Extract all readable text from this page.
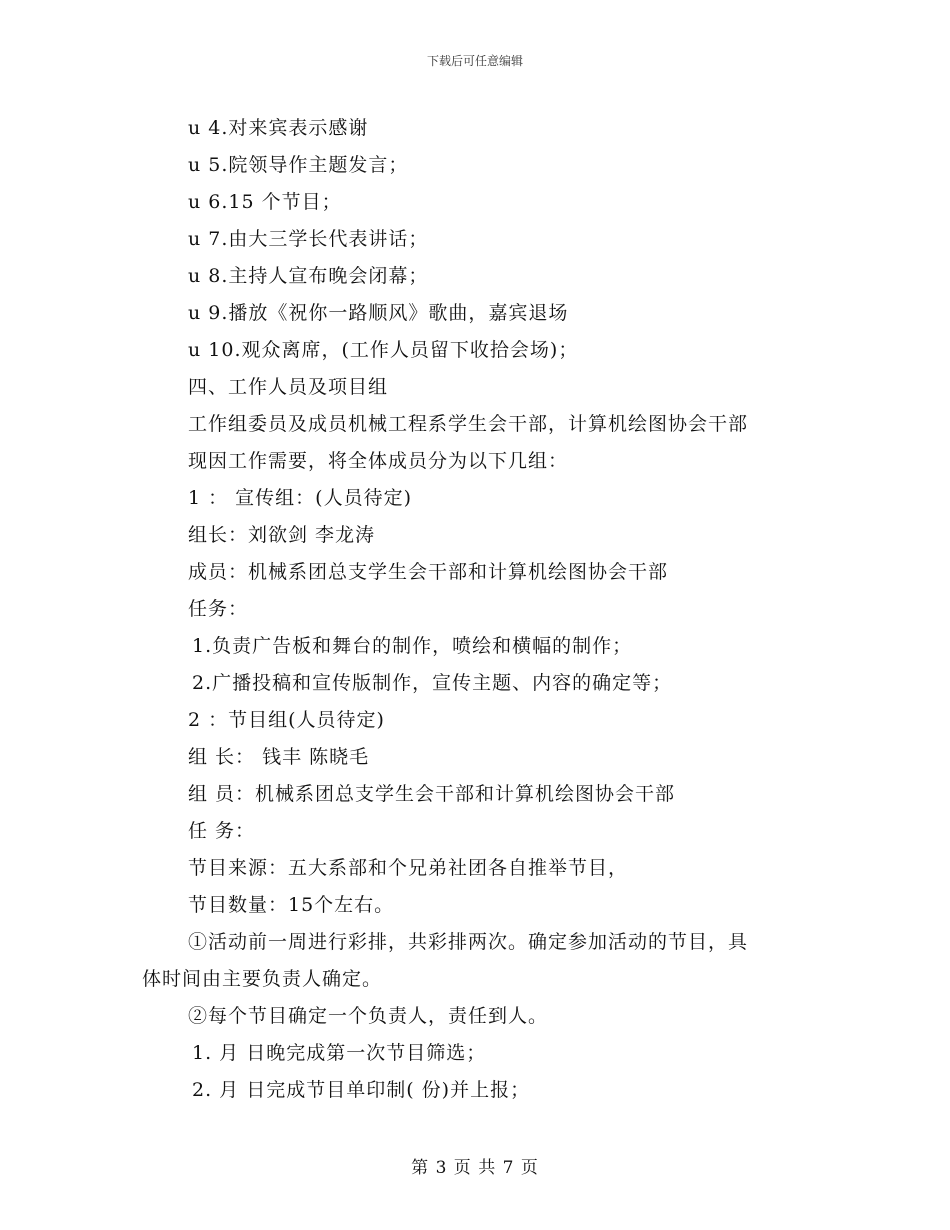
下载后可任意编辑
u 4.对来宾表示感谢
u 5.院领导作主题发言；
u 6.15 个节目；
u 7.由大三学长代表讲话；
u 8.主持人宣布晚会闭幕；
u 9.播放《祝你一路顺风》歌曲，嘉宾退场
u 10.观众离席，(工作人员留下收拾会场)；
四、工作人员及项目组
工作组委员及成员机械工程系学生会干部，计算机绘图协会干部
现因工作需要，将全体成员分为以下几组：
1 ： 宣传组：(人员待定)
组长：刘欲剑 李龙涛
成员：机械系团总支学生会干部和计算机绘图协会干部
任务：
1.负责广告板和舞台的制作，喷绘和横幅的制作；
2.广播投稿和宣传版制作，宣传主题、内容的确定等；
2 ：节目组(人员待定)
组 长： 钱丰 陈晓毛
组 员：机械系团总支学生会干部和计算机绘图协会干部
任 务：
节目来源：五大系部和个兄弟社团各自推举节目，
节目数量：15个左右。
①活动前一周进行彩排，共彩排两次。确定参加活动的节目，具
体时间由主要负责人确定。
②每个节目确定一个负责人，责任到人。
1. 月 日晚完成第一次节目筛选；
2. 月 日完成节目单印制( 份)并上报；
第 3 页 共 7 页
